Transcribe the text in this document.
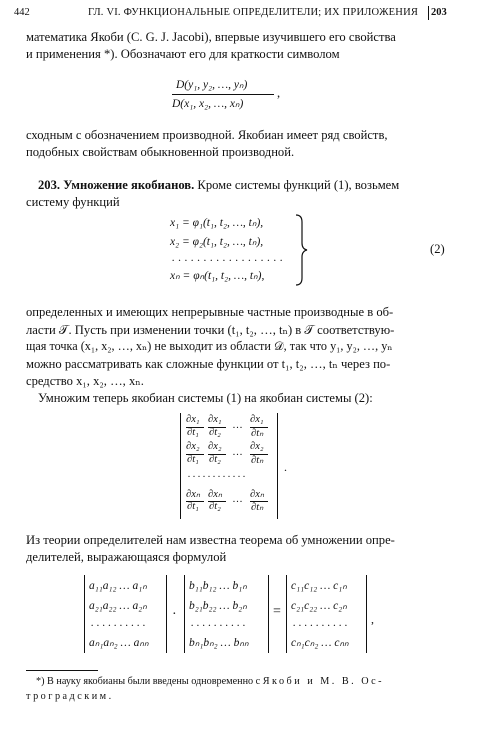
442	ГЛ. VI. ФУНКЦИОНАЛЬНЫЕ ОПРЕДЕЛИТЕЛИ; ИХ ПРИЛОЖЕНИЯ 203
математика Якоби (C. G. J. Jacobi), впервые изучившего его свойства
и применения *). Обозначают его для краткости символом
D(y₁, y₂, …, yₙ)
D(x₁, x₂, …, xₙ)
,
сходным с обозначением производной. Якобиан имеет ряд свойств,
подобных свойствам обыкновенной производной.
203. Умножение якобианов. Кроме системы функций (1), возьмем
систему функций
x₁ = φ₁(t₁, t₂, …, tₙ),
x₂ = φ₂(t₁, t₂, …, tₙ),
. . . . . . . . . . . . . . . . . .
xₙ = φₙ(t₁, t₂, …, tₙ),
(2)
определенных и имеющих непрерывные частные производные в об-
ласти 𝒯. Пусть при изменении точки (t₁, t₂, …, tₙ) в 𝒯 соответствую-
щая точка (x₁, x₂, …, xₙ) не выходит из области 𝒟, так что y₁, y₂, …, yₙ
можно рассматривать как сложные функции от t₁, t₂, …, tₙ через по-
средство x₁, x₂, …, xₙ.
Умножим теперь якобиан системы (1) на якобиан системы (2):
.
∂x₁
∂t₁
∂x₁
∂t₂
∂x₁
∂tₙ
…
∂x₂
∂t₁
∂x₂
∂t₂
∂x₂
∂tₙ
…
∂xₙ
∂t₁
∂xₙ
∂t₂
∂xₙ
∂tₙ
…
. . . . . . . . . . . .
Из теории определителей нам известна теорема об умножении опре-
делителей, выражающаяся формулой
a₁₁a₁₂ … a₁ₙ
a₂₁a₂₂ … a₂ₙ
. . . . . . . . . .
aₙ₁aₙ₂ … aₙₙ
·
b₁₁b₁₂ … b₁ₙ
b₂₁b₂₂ … b₂ₙ
. . . . . . . . . .
bₙ₁bₙ₂ … bₙₙ
=
c₁₁c₁₂ … c₁ₙ
c₂₁c₂₂ … c₂ₙ
. . . . . . . . . .
cₙ₁cₙ₂ … cₙₙ
,
*) В науку якобианы были введены одновременно с Якоби и М. В. Ос-
троградским.
